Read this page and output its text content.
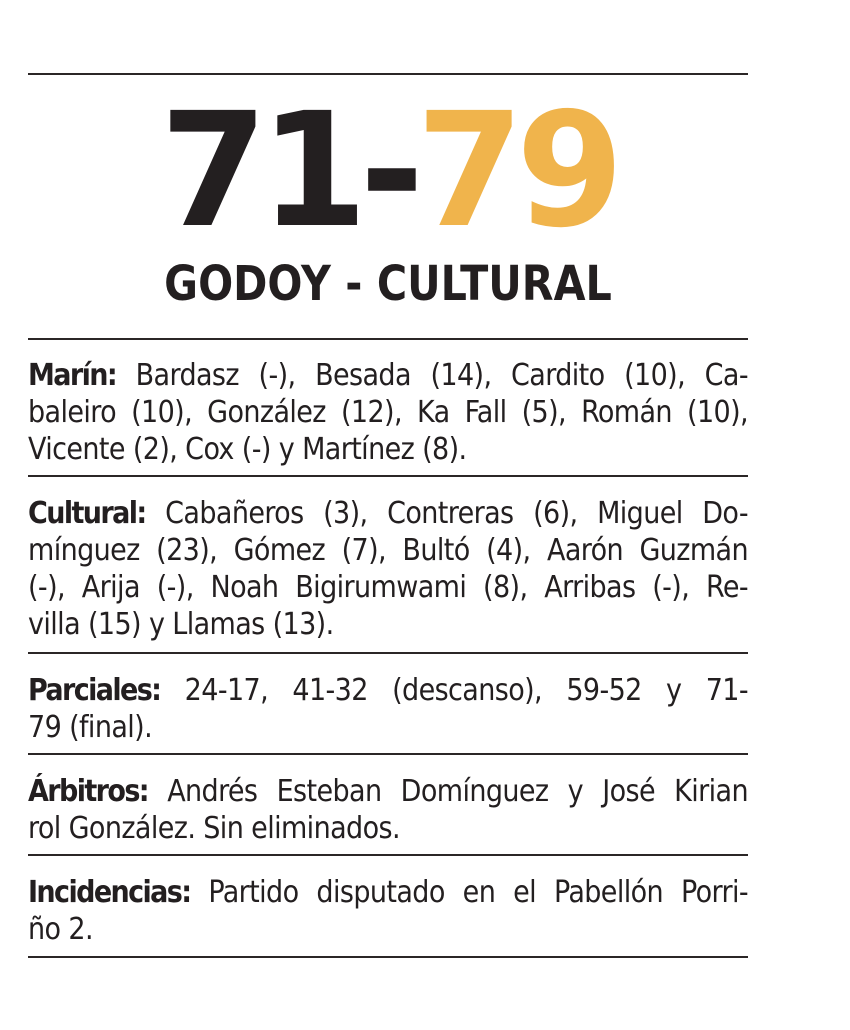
71-79
GODOY - CULTURAL
Marín: Bardasz (-), Besada (14), Cardito (10), Ca-
baleiro (10), González (12), Ka Fall (5), Román (10),
Vicente (2), Cox (-) y Martínez (8).
Cultural: Cabañeros (3), Contreras (6), Miguel Do-
mínguez (23), Gómez (7), Bultó (4), Aarón Guzmán
(-), Arija (-), Noah Bigirumwami (8), Arribas (-), Re-
villa (15) y Llamas (13).
Parciales: 24-17, 41-32 (descanso), 59-52 y 71-
79 (final).
Árbitros: Andrés Esteban Domínguez y José Kirian
rol González. Sin eliminados.
Incidencias: Partido disputado en el Pabellón Porri-
ño 2.
